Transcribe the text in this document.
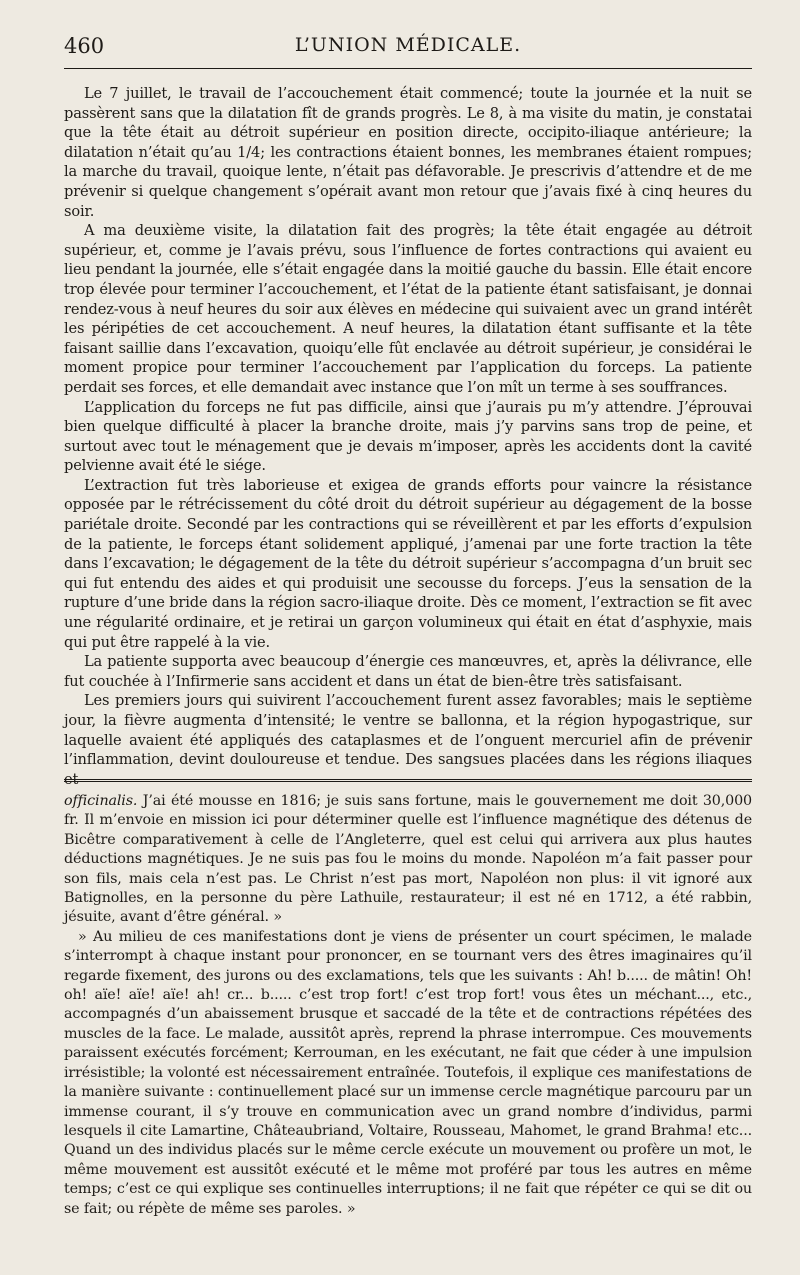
460	L’UNION MÉDICALE.

Le 7 juillet, le travail de l’accouchement était commencé; toute la journée et la nuit se passèrent sans que la dilatation fît de grands progrès. Le 8, à ma visite du matin, je constatai que la tête était au détroit supérieur en position directe, occipito-iliaque antérieure; la dilatation n’était qu’au 1/4; les contractions étaient bonnes, les membranes étaient rompues; la marche du travail, quoique lente, n’était pas défavorable. Je prescrivis d’attendre et de me prévenir si quelque changement s’opérait avant mon retour que j’avais fixé à cinq heures du soir.

A ma deuxième visite, la dilatation fait des progrès; la tête était engagée au détroit supérieur, et, comme je l’avais prévu, sous l’influence de fortes contractions qui avaient eu lieu pendant la journée, elle s’était engagée dans la moitié gauche du bassin. Elle était encore trop élevée pour terminer l’accouchement, et l’état de la patiente étant satisfaisant, je donnai rendez-vous à neuf heures du soir aux élèves en médecine qui suivaient avec un grand intérêt les péripéties de cet accouchement. A neuf heures, la dilatation étant suffisante et la tête faisant saillie dans l’excavation, quoiqu’elle fût enclavée au détroit supérieur, je considérai le moment propice pour terminer l’accouchement par l’application du forceps. La patiente perdait ses forces, et elle demandait avec instance que l’on mît un terme à ses souffrances.

L’application du forceps ne fut pas difficile, ainsi que j’aurais pu m’y attendre. J’éprouvai bien quelque difficulté à placer la branche droite, mais j’y parvins sans trop de peine, et surtout avec tout le ménagement que je devais m’imposer, après les accidents dont la cavité pelvienne avait été le siége.

L’extraction fut très laborieuse et exigea de grands efforts pour vaincre la résistance opposée par le rétrécissement du côté droit du détroit supérieur au dégagement de la bosse pariétale droite. Secondé par les contractions qui se réveillèrent et par les efforts d’expulsion de la patiente, le forceps étant solidement appliqué, j’amenai par une forte traction la tête dans l’excavation; le dégagement de la tête du détroit supérieur s’accompagna d’un bruit sec qui fut entendu des aides et qui produisit une secousse du forceps. J’eus la sensation de la rupture d’une bride dans la région sacro-iliaque droite. Dès ce moment, l’extraction se fit avec une régularité ordinaire, et je retirai un garçon volumineux qui était en état d’asphyxie, mais qui put être rappelé à la vie.

La patiente supporta avec beaucoup d’énergie ces manœuvres, et, après la délivrance, elle fut couchée à l’Infirmerie sans accident et dans un état de bien-être très satisfaisant.

Les premiers jours qui suivirent l’accouchement furent assez favorables; mais le septième jour, la fièvre augmenta d’intensité; le ventre se ballonna, et la région hypogastrique, sur laquelle avaient été appliqués des cataplasmes et de l’onguent mercuriel afin de prévenir l’inflammation, devint douloureuse et tendue. Des sangsues placées dans les régions iliaques et

officinalis. J’ai été mousse en 1816; je suis sans fortune, mais le gouvernement me doit 30,000 fr. Il m’envoie en mission ici pour déterminer quelle est l’influence magnétique des détenus de Bicêtre comparativement à celle de l’Angleterre, quel est celui qui arrivera aux plus hautes déductions magnétiques. Je ne suis pas fou le moins du monde. Napoléon m’a fait passer pour son fils, mais cela n’est pas. Le Christ n’est pas mort, Napoléon non plus: il vit ignoré aux Batignolles, en la personne du père Lathuile, restaurateur; il est né en 1712, a été rabbin, jésuite, avant d’être général. »

» Au milieu de ces manifestations dont je viens de présenter un court spécimen, le malade s’interrompt à chaque instant pour prononcer, en se tournant vers des êtres imaginaires qu’il regarde fixement, des jurons ou des exclamations, tels que les suivants : Ah! b..... de mâtin! Oh! oh! aïe! aïe! aïe! ah! cr... b..... c’est trop fort! c’est trop fort! vous êtes un méchant..., etc., accompagnés d’un abaissement brusque et saccadé de la tête et de contractions répétées des muscles de la face. Le malade, aussitôt après, reprend la phrase interrompue. Ces mouvements paraissent exécutés forcément; Kerrouman, en les exécutant, ne fait que céder à une impulsion irrésistible; la volonté est nécessairement entraînée. Toutefois, il explique ces manifestations de la manière suivante : continuellement placé sur un immense cercle magnétique parcouru par un immense courant, il s’y trouve en communication avec un grand nombre d’individus, parmi lesquels il cite Lamartine, Châteaubriand, Voltaire, Rousseau, Mahomet, le grand Brahma! etc... Quand un des individus placés sur le même cercle exécute un mouvement ou profère un mot, le même mouvement est aussitôt exécuté et le même mot proféré par tous les autres en même temps; c’est ce qui explique ses continuelles interruptions; il ne fait que répéter ce qui se dit ou se fait; ou répète de même ses paroles. »
